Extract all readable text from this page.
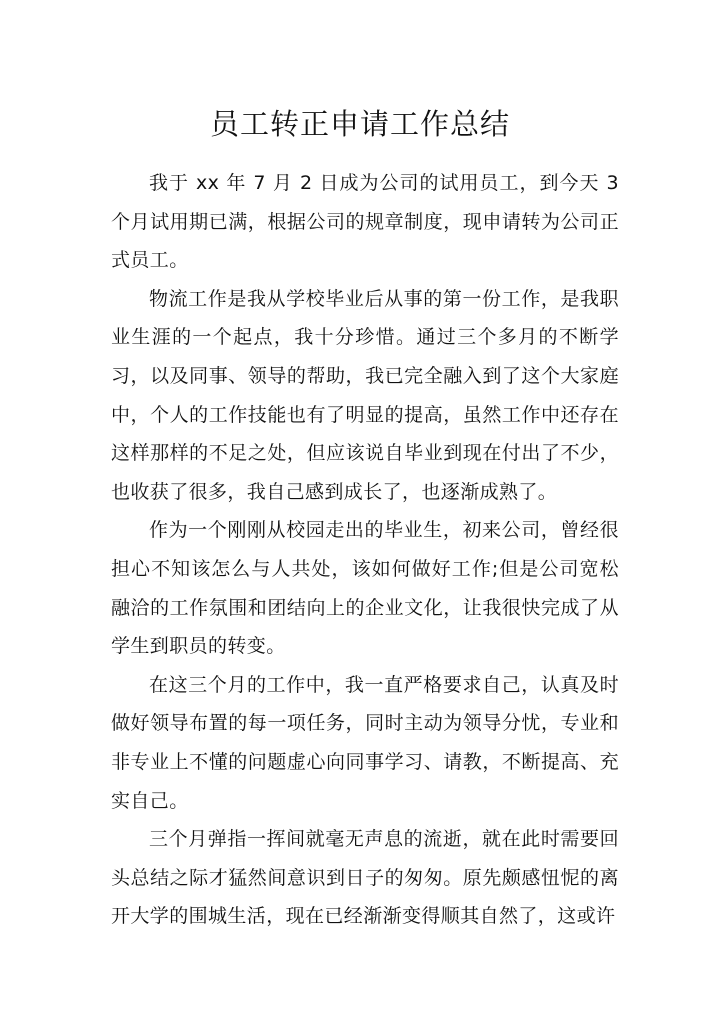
员工转正申请工作总结

我于 xx 年 7 月 2 日成为公司的试用员工，到今天 3 个月试用期已满，根据公司的规章制度，现申请转为公司正式员工。

物流工作是我从学校毕业后从事的第一份工作，是我职业生涯的一个起点，我十分珍惜。通过三个多月的不断学习，以及同事、领导的帮助，我已完全融入到了这个大家庭中，个人的工作技能也有了明显的提高，虽然工作中还存在这样那样的不足之处，但应该说自毕业到现在付出了不少，也收获了很多，我自己感到成长了，也逐渐成熟了。

作为一个刚刚从校园走出的毕业生，初来公司，曾经很担心不知该怎么与人共处，该如何做好工作;但是公司宽松融洽的工作氛围和团结向上的企业文化，让我很快完成了从学生到职员的转变。

在这三个月的工作中，我一直严格要求自己，认真及时做好领导布置的每一项任务，同时主动为领导分忧，专业和非专业上不懂的问题虚心向同事学习、请教，不断提高、充实自己。

三个月弹指一挥间就毫无声息的流逝，就在此时需要回头总结之际才猛然间意识到日子的匆匆。原先颇感忸怩的离开大学的围城生活，现在已经渐渐变得顺其自然了，这或许
